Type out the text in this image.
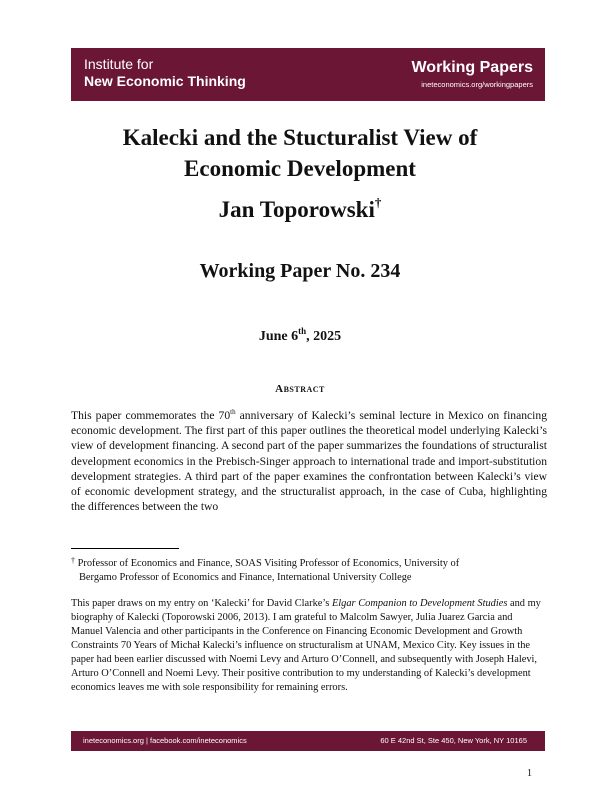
Institute for
New Economic Thinking
Working Papers
ineteconomics.org/workingpapers
Kalecki and the Stucturalist View of
Economic Development
Jan Toporowski†
Working Paper No. 234
June 6th, 2025
Abstract

This paper commemorates the 70th anniversary of Kalecki’s seminal lecture in Mexico on financing economic development. The first part of this paper outlines the theoretical model underlying Kalecki’s view of development financing. A second part of the paper summarizes the foundations of structuralist development economics in the Prebisch-Singer approach to international trade and import-substitution development strategies. A third part of the paper examines the confrontation between Kalecki’s view of economic development strategy, and the structuralist approach, in the case of Cuba, highlighting the differences between the two

† Professor of Economics and Finance, SOAS Visiting Professor of Economics, University of

Bergamo Professor of Economics and Finance, International University College

This paper draws on my entry on ‘Kalecki’ for David Clarke’s Elgar Companion to Development Studies and my biography of Kalecki (Toporowski 2006, 2013). I am grateful to Malcolm Sawyer, Julia Juarez Garcia and Manuel Valencia and other participants in the Conference on Financing Economic Development and Growth Constraints 70 Years of Michał Kalecki’s influence on structuralism at UNAM, Mexico City. Key issues in the paper had been earlier discussed with Noemi Levy and Arturo O’Connell, and subsequently with Joseph Halevi, Arturo O’Connell and Noemi Levy. Their positive contribution to my understanding of Kalecki’s development economics leaves me with sole responsibility for remaining errors.

ineteconomics.org | facebook.com/ineteconomics	60 E 42nd St, Ste 450, New York, NY 10165
1
